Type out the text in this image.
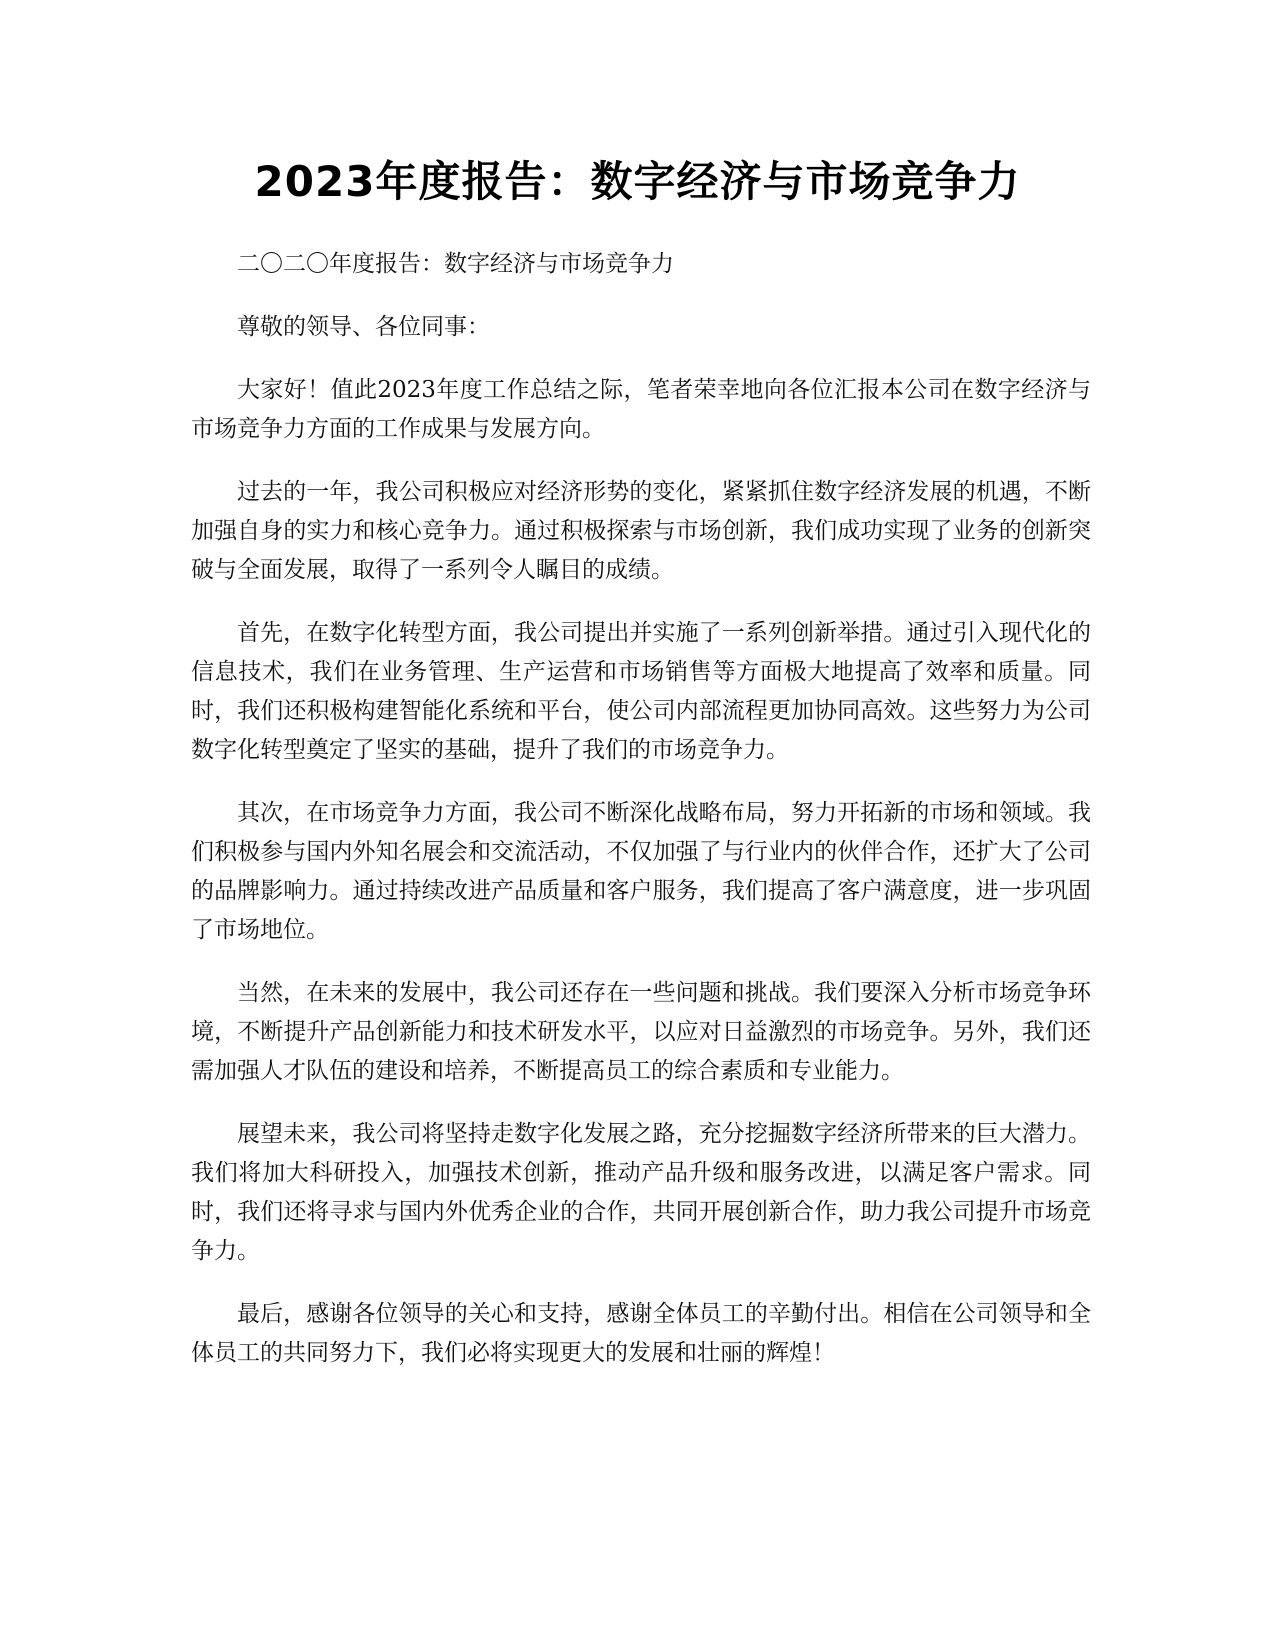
2023年度报告：数字经济与市场竞争力

二〇二〇年度报告：数字经济与市场竞争力

尊敬的领导、各位同事：

大家好！值此2023年度工作总结之际，笔者荣幸地向各位汇报本公司在数字经济与市场竞争力方面的工作成果与发展方向。

过去的一年，我公司积极应对经济形势的变化，紧紧抓住数字经济发展的机遇，不断加强自身的实力和核心竞争力。通过积极探索与市场创新，我们成功实现了业务的创新突破与全面发展，取得了一系列令人瞩目的成绩。

首先，在数字化转型方面，我公司提出并实施了一系列创新举措。通过引入现代化的信息技术，我们在业务管理、生产运营和市场销售等方面极大地提高了效率和质量。同时，我们还积极构建智能化系统和平台，使公司内部流程更加协同高效。这些努力为公司数字化转型奠定了坚实的基础，提升了我们的市场竞争力。

其次，在市场竞争力方面，我公司不断深化战略布局，努力开拓新的市场和领域。我们积极参与国内外知名展会和交流活动，不仅加强了与行业内的伙伴合作，还扩大了公司的品牌影响力。通过持续改进产品质量和客户服务，我们提高了客户满意度，进一步巩固了市场地位。

当然，在未来的发展中，我公司还存在一些问题和挑战。我们要深入分析市场竞争环境，不断提升产品创新能力和技术研发水平，以应对日益激烈的市场竞争。另外，我们还需加强人才队伍的建设和培养，不断提高员工的综合素质和专业能力。

展望未来，我公司将坚持走数字化发展之路，充分挖掘数字经济所带来的巨大潜力。我们将加大科研投入，加强技术创新，推动产品升级和服务改进，以满足客户需求。同时，我们还将寻求与国内外优秀企业的合作，共同开展创新合作，助力我公司提升市场竞争力。

最后，感谢各位领导的关心和支持，感谢全体员工的辛勤付出。相信在公司领导和全体员工的共同努力下，我们必将实现更大的发展和壮丽的辉煌！
